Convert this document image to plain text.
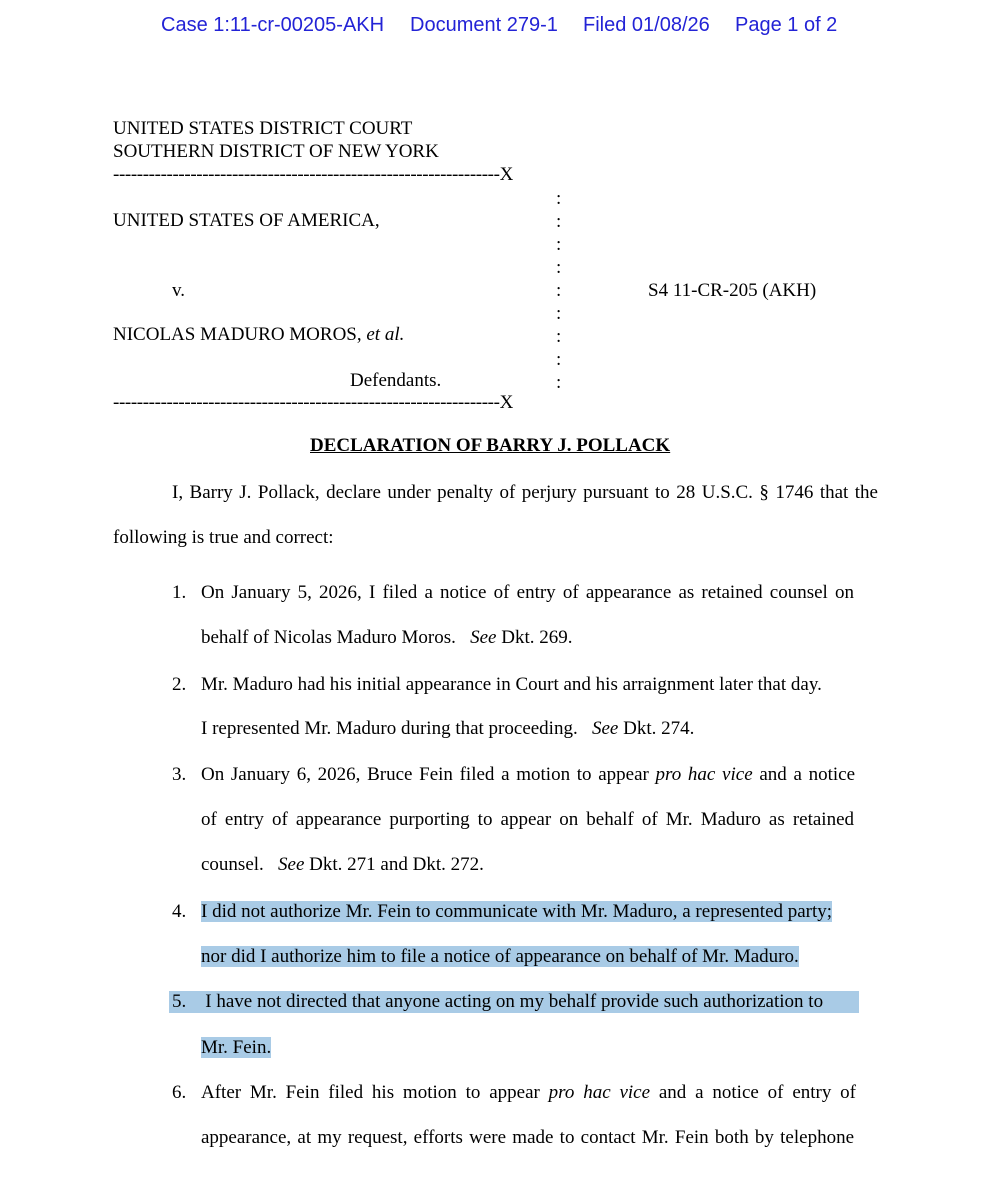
Case 1:11-cr-00205-AKH Document 279-1 Filed 01/08/26 Page 1 of 2
UNITED STATES DISTRICT COURT
SOUTHERN DISTRICT OF NEW YORK
-----------------------------------------------------------------X
:
:
:
:
:
:
:
:
:
UNITED STATES OF AMERICA,
v.	S4 11-CR-205 (AKH)
NICOLAS MADURO MOROS, et al.
Defendants.
-----------------------------------------------------------------X
DECLARATION OF BARRY J. POLLACK
I, Barry J. Pollack, declare under penalty of perjury pursuant to 28 U.S.C. § 1746 that the
following is true and correct:
1. On January 5, 2026, I filed a notice of entry of appearance as retained counsel on
behalf of Nicolas Maduro Moros.   See Dkt. 269.
2. Mr. Maduro had his initial appearance in Court and his arraignment later that day.
I represented Mr. Maduro during that proceeding.   See Dkt. 274.
3. On January 6, 2026, Bruce Fein filed a motion to appear pro hac vice and a notice
of entry of appearance purporting to appear on behalf of Mr. Maduro as retained
counsel.   See Dkt. 271 and Dkt. 272.
4. I did not authorize Mr. Fein to communicate with Mr. Maduro, a represented party;
nor did I authorize him to file a notice of appearance on behalf of Mr. Maduro.
5. I have not directed that anyone acting on my behalf provide such authorization to
Mr. Fein.
6. After Mr. Fein filed his motion to appear pro hac vice and a notice of entry of
appearance, at my request, efforts were made to contact Mr. Fein both by telephone
